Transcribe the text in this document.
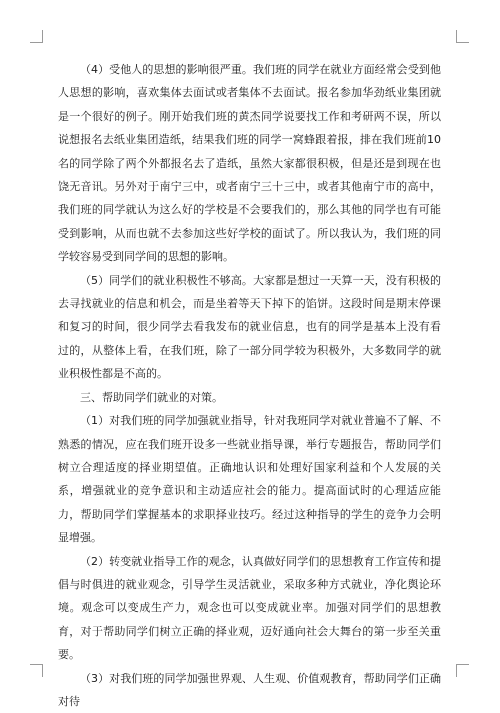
（4）受他人的思想的影响很严重。我们班的同学在就业方面经常会受到他人思想的影响，喜欢集体去面试或者集体不去面试。报名参加华劲纸业集团就是一个很好的例子。刚开始我们班的黄杰同学说要找工作和考研两不误，所以说想报名去纸业集团造纸，结果我们班的同学一窝蜂跟着报，排在我们班前10名的同学除了两个外都报名去了造纸，虽然大家都很积极，但是还是到现在也饶无音讯。另外对于南宁三中，或者南宁三十三中，或者其他南宁市的高中，我们班的同学就认为这么好的学校是不会要我们的，那么其他的同学也有可能受到影响，从而也就不去参加这些好学校的面试了。所以我认为，我们班的同学较容易受到同学间的思想的影响。

（5）同学们的就业积极性不够高。大家都是想过一天算一天，没有积极的去寻找就业的信息和机会，而是坐着等天下掉下的馅饼。这段时间是期末停课和复习的时间，很少同学去看我发布的就业信息，也有的同学是基本上没有看过的，从整体上看，在我们班，除了一部分同学较为积极外，大多数同学的就业积极性都是不高的。

三、帮助同学们就业的对策。

（1）对我们班的同学加强就业指导，针对我班同学对就业普遍不了解、不熟悉的情况，应在我们班开设多一些就业指导课，举行专题报告，帮助同学们树立合理适度的择业期望值。正确地认识和处理好国家利益和个人发展的关系，增强就业的竞争意识和主动适应社会的能力。提高面试时的心理适应能力，帮助同学们掌握基本的求职择业技巧。经过这种指导的学生的竞争力会明显增强。

（2）转变就业指导工作的观念，认真做好同学们的思想教育工作宣传和提倡与时俱进的就业观念，引导学生灵活就业，采取多种方式就业，净化舆论环境。观念可以变成生产力，观念也可以变成就业率。加强对同学们的思想教育，对于帮助同学们树立正确的择业观，迈好通向社会大舞台的第一步至关重要。

（3）对我们班的同学加强世界观、人生观、价值观教育，帮助同学们正确对待
